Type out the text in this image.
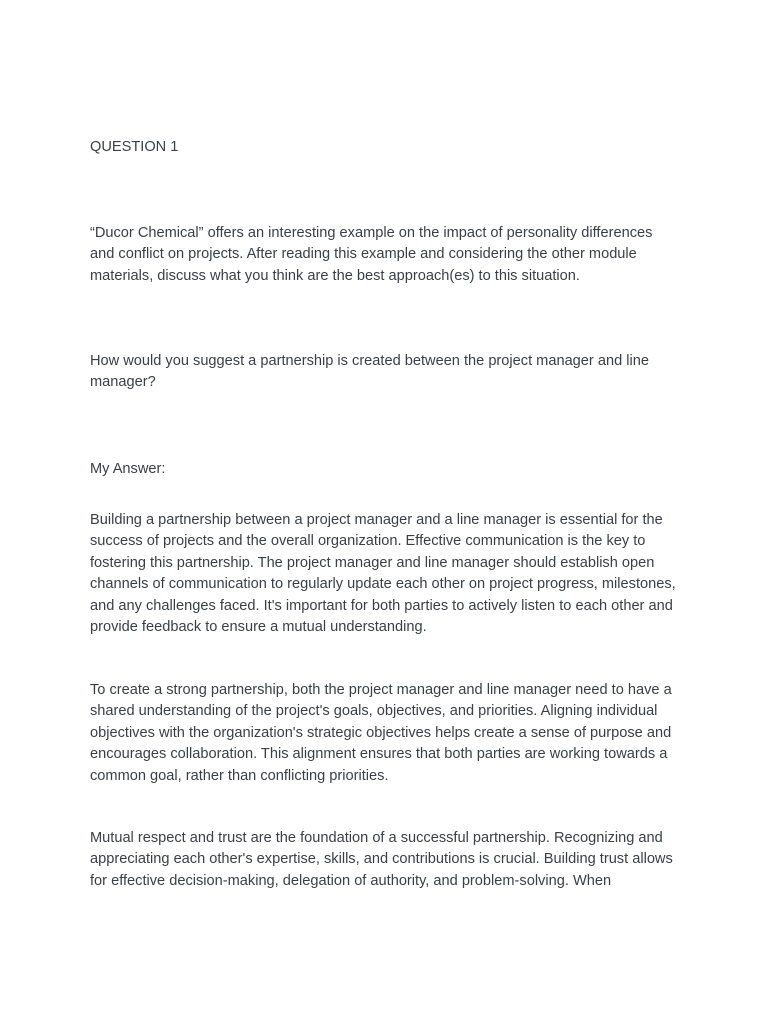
QUESTION 1

“Ducor Chemical” offers an interesting example on the impact of personality differences and conflict on projects. After reading this example and considering the other module materials, discuss what you think are the best approach(es) to this situation.

How would you suggest a partnership is created between the project manager and line manager?

My Answer:

Building a partnership between a project manager and a line manager is essential for the success of projects and the overall organization. Effective communication is the key to fostering this partnership. The project manager and line manager should establish open channels of communication to regularly update each other on project progress, milestones, and any challenges faced. It's important for both parties to actively listen to each other and provide feedback to ensure a mutual understanding.

To create a strong partnership, both the project manager and line manager need to have a shared understanding of the project's goals, objectives, and priorities. Aligning individual objectives with the organization's strategic objectives helps create a sense of purpose and encourages collaboration. This alignment ensures that both parties are working towards a common goal, rather than conflicting priorities.

Mutual respect and trust are the foundation of a successful partnership. Recognizing and appreciating each other's expertise, skills, and contributions is crucial. Building trust allows for effective decision-making, delegation of authority, and problem-solving. When
